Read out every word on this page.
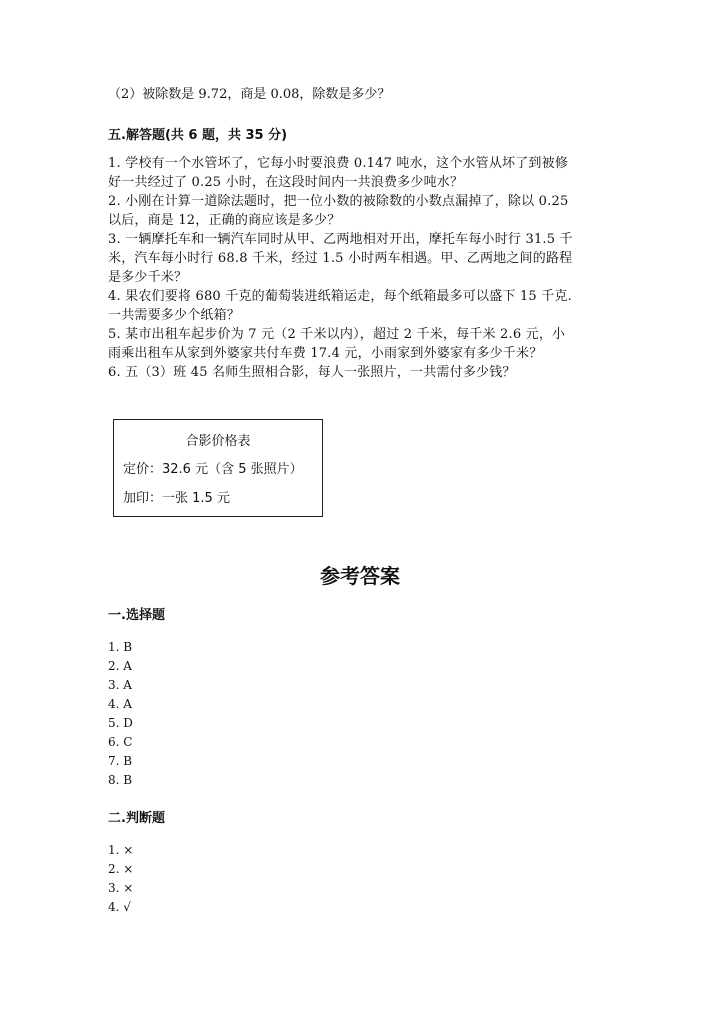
（2）被除数是 9.72，商是 0.08，除数是多少？
五.解答题(共 6 题，共 35 分)
1. 学校有一个水管坏了，它每小时要浪费 0.147 吨水，这个水管从坏了到被修
好一共经过了 0.25 小时，在这段时间内一共浪费多少吨水？
2. 小刚在计算一道除法题时，把一位小数的被除数的小数点漏掉了，除以 0.25
以后，商是 12，正确的商应该是多少？
3. 一辆摩托车和一辆汽车同时从甲、乙两地相对开出，摩托车每小时行 31.5 千
米，汽车每小时行 68.8 千米，经过 1.5 小时两车相遇。甲、乙两地之间的路程
是多少千米？
4. 果农们要将 680 千克的葡萄装进纸箱运走，每个纸箱最多可以盛下 15 千克.
一共需要多少个纸箱？
5. 某市出租车起步价为 7 元（2 千米以内），超过 2 千米，每千米 2.6 元，小
雨乘出租车从家到外婆家共付车费 17.4 元，小雨家到外婆家有多少千米？
6. 五（3）班 45 名师生照相合影，每人一张照片，一共需付多少钱？
合影价格表
定价：32.6 元（含 5 张照片）
加印：一张 1.5 元
参考答案
一.选择题
1. B
2. A
3. A
4. A
5. D
6. C
7. B
8. B
二.判断题
1. ×
2. ×
3. ×
4. √
